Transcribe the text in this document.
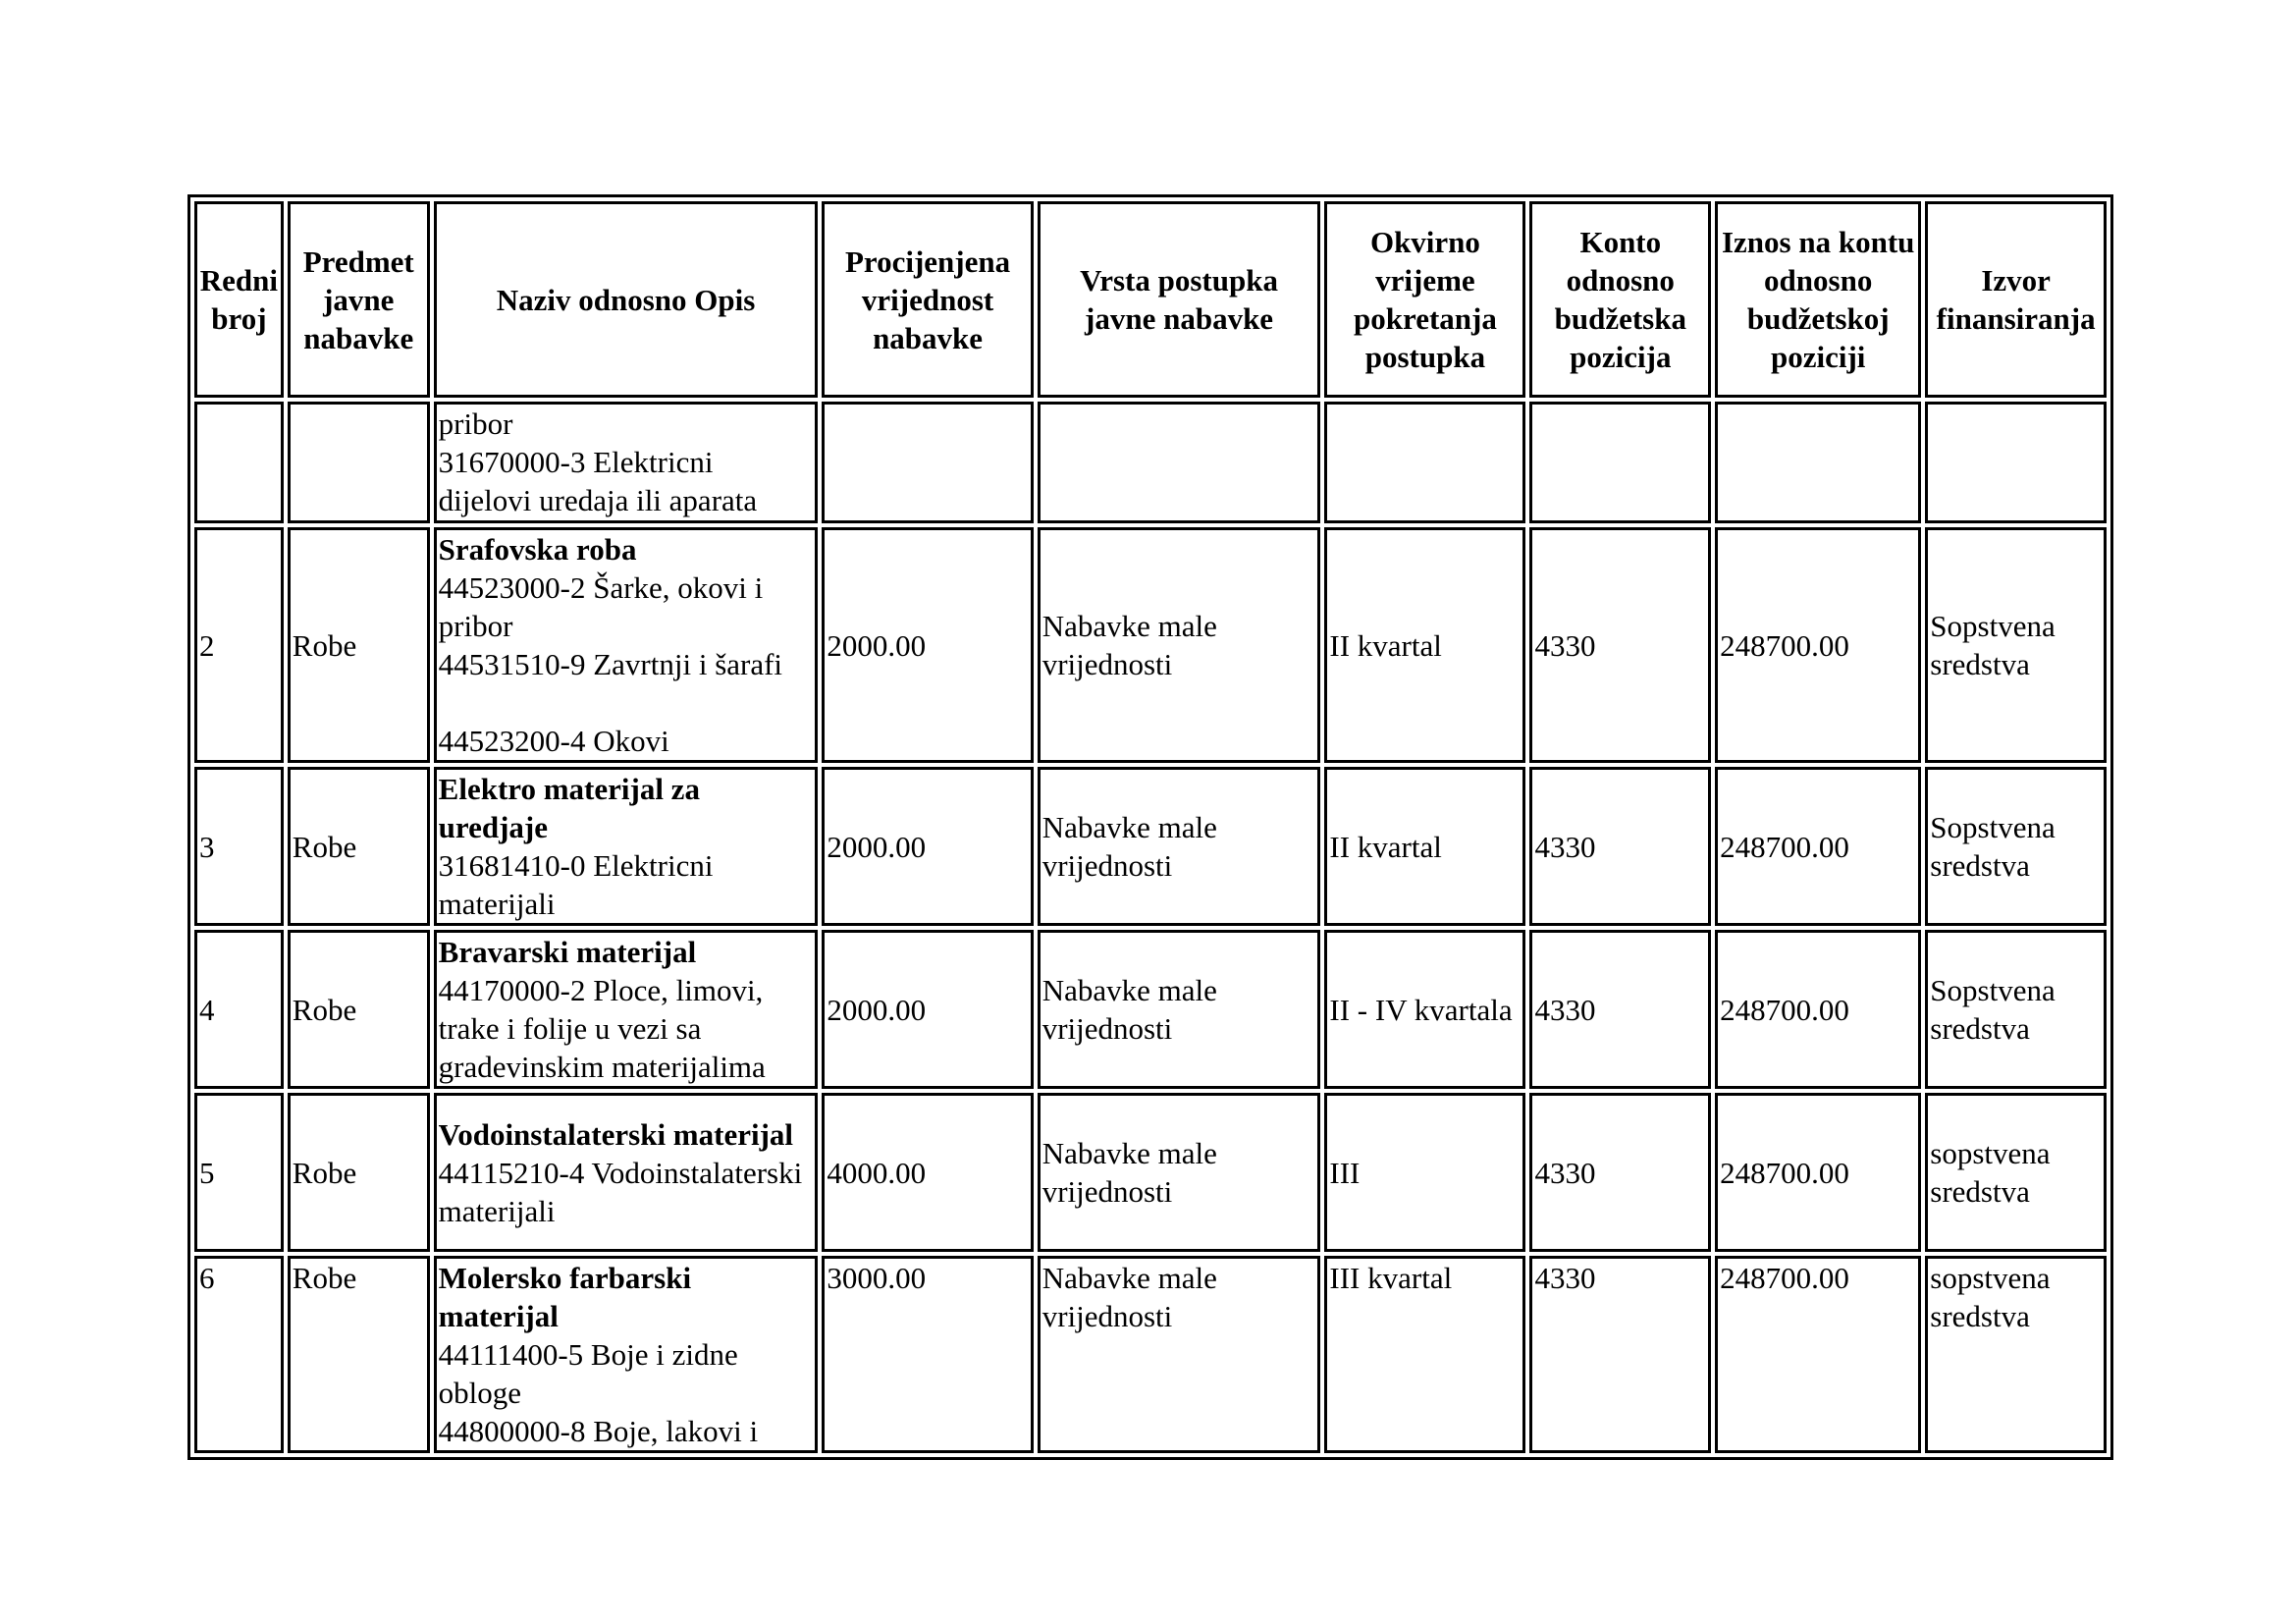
Redni broj	Predmet javne nabavke	Naziv odnosno Opis	Procijenjena vrijednost nabavke	Vrsta postupka javne nabavke	Okvirno vrijeme pokretanja postupka	Konto odnosno budžetska pozicija	Iznos na kontu odnosno budžetskoj poziciji	Izvor finansiranja

		pribor
31670000-3 Elektricni dijelovi uredaja ili aparata						

2	Robe	Srafovska roba
44523000-2 Šarke, okovi i pribor
44531510-9 Zavrtnji i šarafi
44523200-4 Okovi	2000.00	Nabavke male vrijednosti	II kvartal	4330	248700.00	Sopstvena sredstva
3	Robe	Elektro materijal za uredjaje
31681410-0 Elektricni materijali	2000.00	Nabavke male vrijednosti	II kvartal	4330	248700.00	Sopstvena sredstva
4	Robe	Bravarski materijal
44170000-2 Ploce, limovi, trake i folije u vezi sa gradevinskim materijalima	2000.00	Nabavke male vrijednosti	II - IV kvartala	4330	248700.00	Sopstvena sredstva
5	Robe	Vodoinstalaterski materijal
44115210-4 Vodoinstalaterski materijali	4000.00	Nabavke male vrijednosti	III	4330	248700.00	sopstvena sredstva
6	Robe	Molersko farbarski materijal
44111400-5 Boje i zidne obloge
44800000-8 Boje, lakovi i	3000.00	Nabavke male vrijednosti	III kvartal	4330	248700.00	sopstvena sredstva
